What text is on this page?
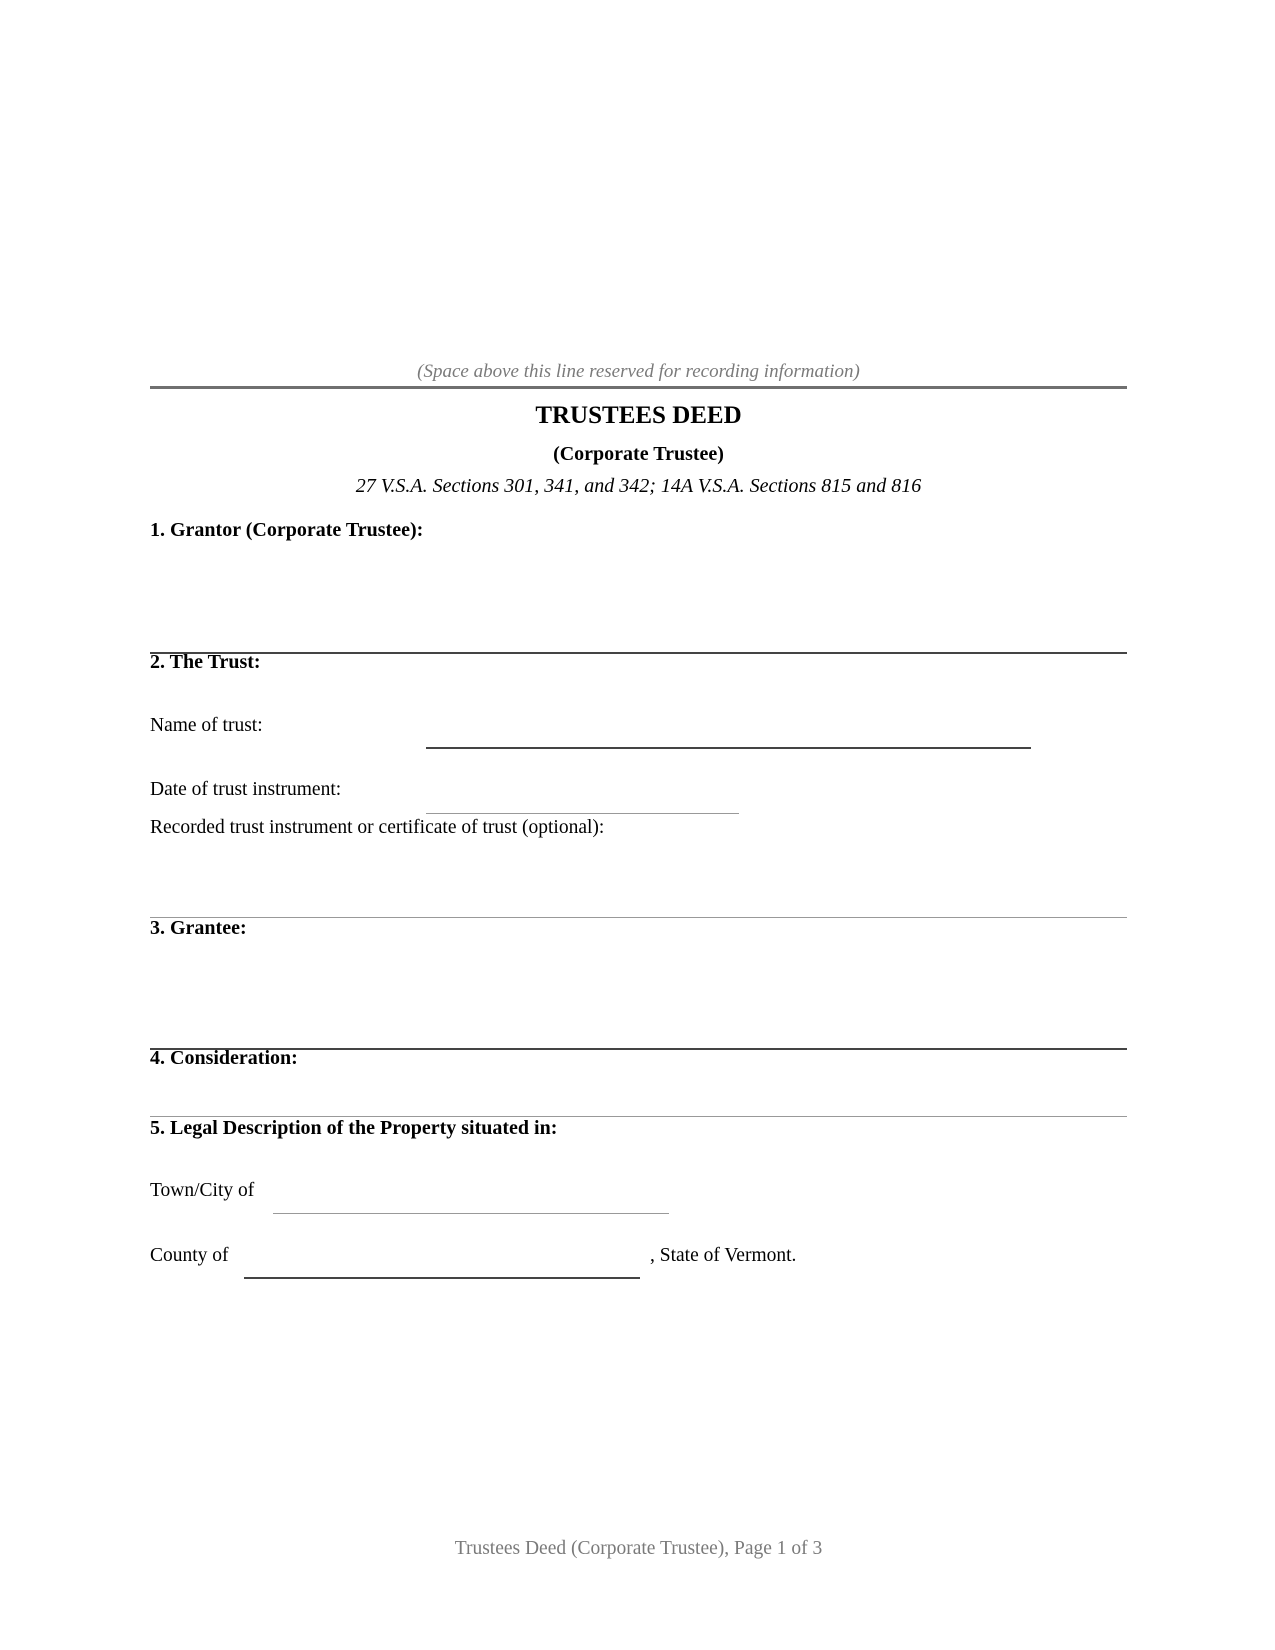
(Space above this line reserved for recording information)
TRUSTEES DEED
(Corporate Trustee)
27 V.S.A. Sections 301, 341, and 342; 14A V.S.A. Sections 815 and 816
1. Grantor (Corporate Trustee):
2. The Trust:
Name of trust:
Date of trust instrument:
Recorded trust instrument or certificate of trust (optional):
3. Grantee:
4. Consideration:
5. Legal Description of the Property situated in:
Town/City of
County of	, State of Vermont.
Trustees Deed (Corporate Trustee), Page 1 of 3
